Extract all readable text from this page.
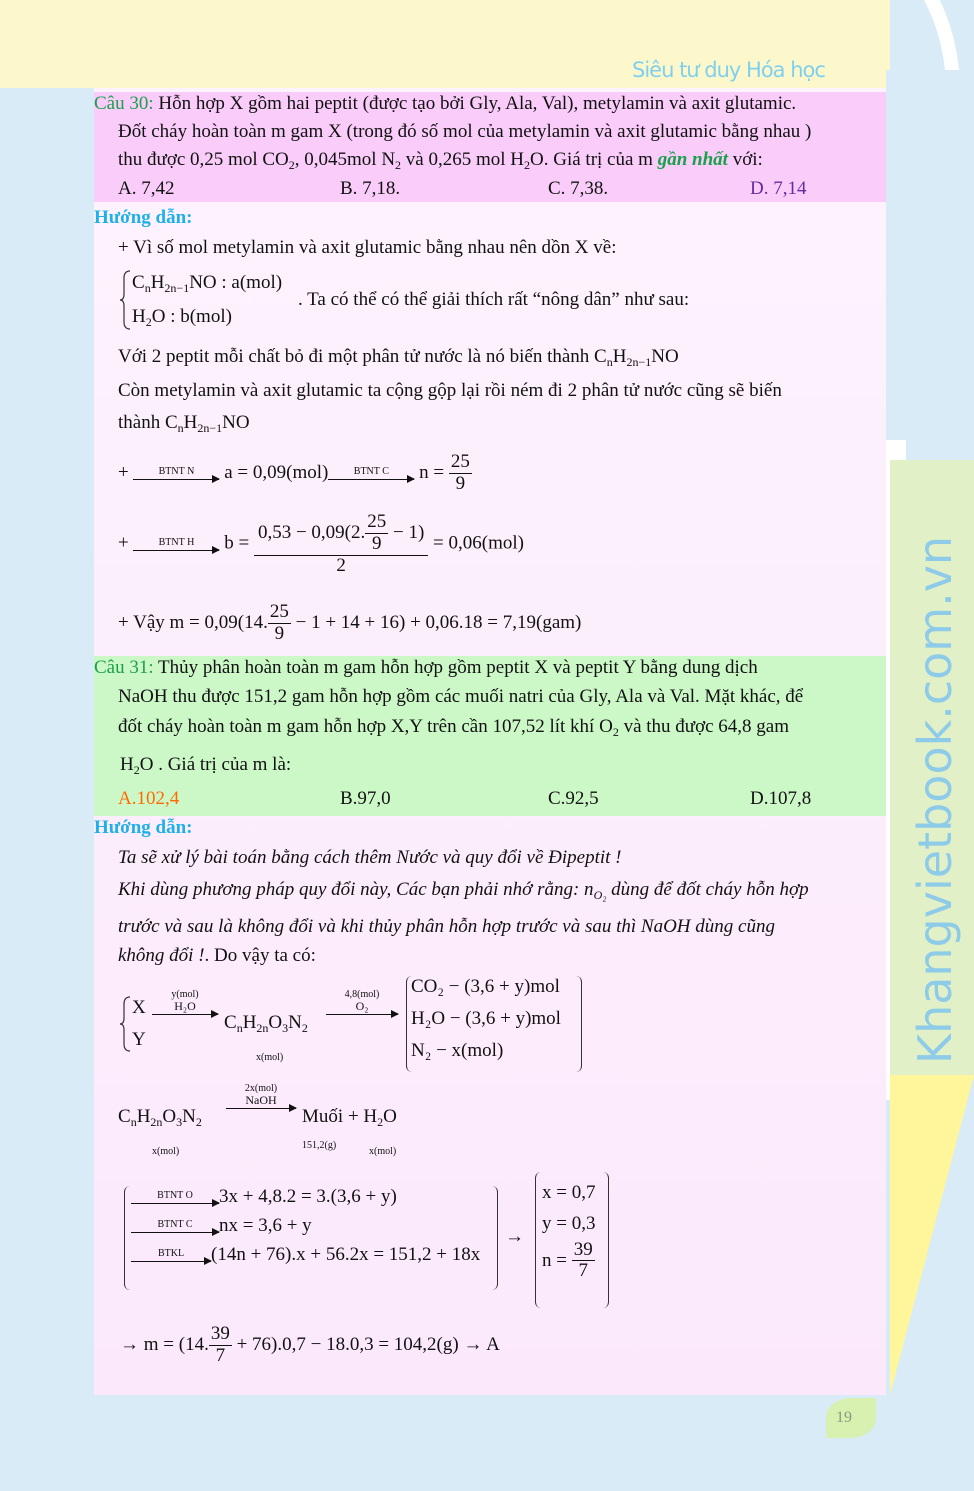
Siêu tư duy Hóa học
Khangvietbook.com.vn
19
Câu 30: Hỗn hợp X gồm hai peptit (được tạo bởi Gly, Ala, Val), metylamin và axit glutamic.
Đốt cháy hoàn toàn m gam X (trong đó số mol của metylamin và axit glutamic bằng nhau )
thu được 0,25 mol $CO_2$, 0,045mol $N_2$ và 0,265 mol $H_2O$. Giá trị của m gần nhất với:
A. 7,42	B. 7,18.	C. 7,38.	D. 7,14
Hướng dẫn:
+ Vì số mol metylamin và axit glutamic bằng nhau nên dồn X về:
$C_nH_{2n-1}NO$ : a(mol)
$H_2O$ : b(mol)
. Ta có thể có thể giải thích rất “nông dân” như sau:
Với 2 peptit mỗi chất bỏ đi một phân tử nước là nó biến thành $C_nH_{2n-1}NO$
Còn metylamin và axit glutamic ta cộng gộp lại rồi ném đi 2 phân tử nước cũng sẽ biến
thành $C_nH_{2n-1}NO$
+	BTNT N a = 0,09(mol)	BTNT C $n = \frac{25}{9}$
+	BTNT H $b = \frac{0,53 - 0,09(2. \frac{25}{9} - 1)}{2} = 0,06(mol)$
+ Vậy m = 0,09(14. $\frac{25}{9} - 1 + 14 + 16) + 0,06.18 = 7,19(gam)$
Câu 31: Thủy phân hoàn toàn m gam hỗn hợp gồm peptit X và peptit Y bằng dung dịch
NaOH thu được 151,2 gam hỗn hợp gồm các muối natri của Gly, Ala và Val. Mặt khác, để
đốt cháy hoàn toàn m gam hỗn hợp X,Y trên cần 107,52 lít khí $O_2$ và thu được 64,8 gam
$H_2O$ . Giá trị của m là:
A.102,4	B.97,0	C.92,5	D.107,8
Hướng dẫn:
Ta sẽ xử lý bài toán bằng cách thêm Nước và quy đổi về Đipeptit !
Khi dùng phương pháp quy đổi này, Các bạn phải nhớ rằng: $n_{O_2}$ dùng để đốt cháy hỗn hợp
trước và sau là không đổi và khi thủy phân hỗn hợp trước và sau thì NaOH dùng cũng
không đổi !. Do vậy ta có:
X
Y
y(mol)
H₂O
$C_nH_{2n}O_3N_2$
x(mol)
4,8(mol)
O₂
CO₂ − (3,6 + y)mol
H₂O − (3,6 + y)mol
N₂ − x(mol)
$C_nH_{2n}O_3N_2$
x(mol)
2x(mol)
NaOH
Muối + $H_2O$
151,2(g)
x(mol)
BTNT O 3x + 4,8.2 = 3.(3,6 + y)
BTNT C nx = 3,6 + y
BTKL (14n + 76).x + 56.2x = 151,2 + 18x
→
x = 0,7
y = 0,3
$n = \frac{39}{7}$
→ m = (14. $\frac{39}{7} + 76).0,7 - 18.0,3 = 104,2(g) \to A$
